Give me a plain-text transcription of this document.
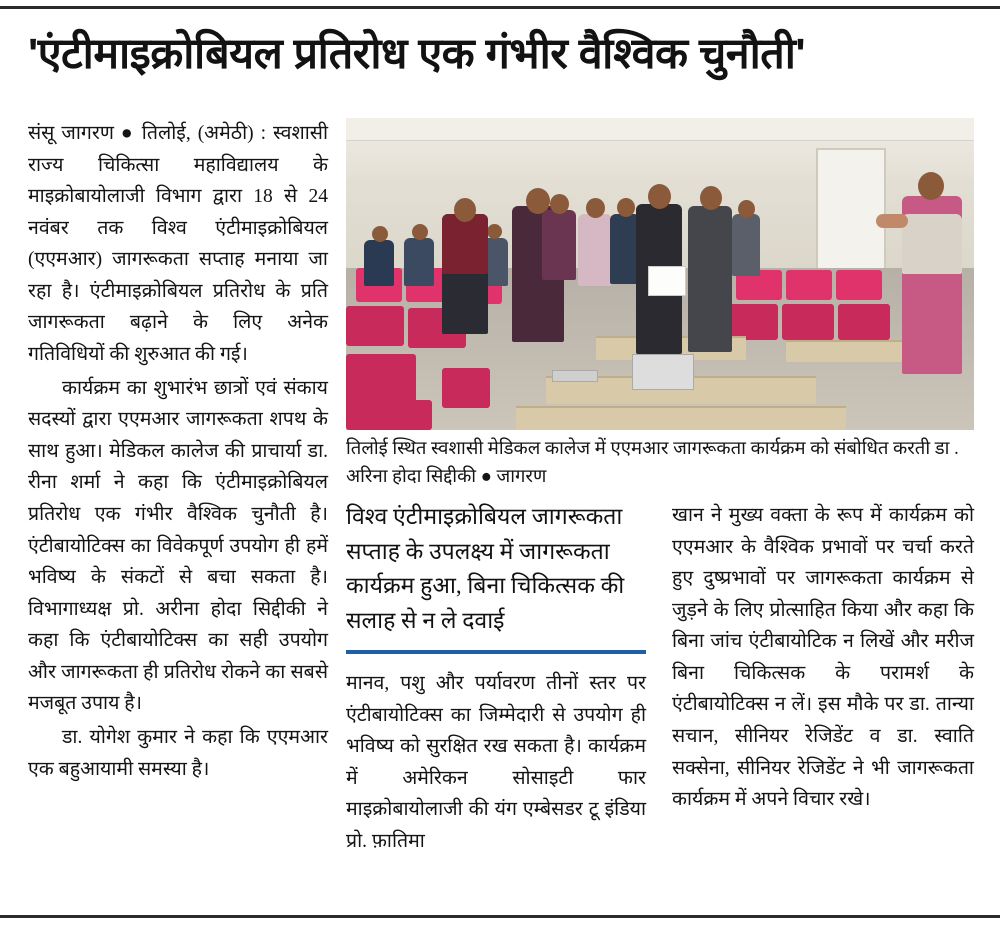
'एंटीमाइक्रोबियल प्रतिरोध एक गंभीर वैश्विक चुनौती'

संसू जागरण ● तिलोई, (अमेठी) : स्वशासी राज्य चिकित्सा महाविद्यालय के माइक्रोबायोलाजी विभाग द्वारा 18 से 24 नवंबर तक विश्व एंटीमाइक्रोबियल (एएमआर) जागरूकता सप्ताह मनाया जा रहा है। एंटीमाइक्रोबियल प्रतिरोध के प्रति जागरूकता बढ़ाने के लिए अनेक गतिविधियों की शुरुआत की गई।

कार्यक्रम का शुभारंभ छात्रों एवं संकाय सदस्यों द्वारा एएमआर जागरूकता शपथ के साथ हुआ। मेडिकल कालेज की प्राचार्या डा. रीना शर्मा ने कहा कि एंटीमाइक्रोबियल प्रतिरोध एक गंभीर वैश्विक चुनौती है। एंटीबायोटिक्स का विवेकपूर्ण उपयोग ही हमें भविष्य के संकटों से बचा सकता है। विभागाध्यक्ष प्रो. अरीना होदा सिद्दीकी ने कहा कि एंटीबायोटिक्स का सही उपयोग और जागरूकता ही प्रतिरोध रोकने का सबसे मजबूत उपाय है।

डा. योगेश कुमार ने कहा कि एएमआर एक बहुआयामी समस्या है।

तिलोई स्थित स्वशासी मेडिकल कालेज में एएमआर जागरूकता कार्यक्रम को संबोधित करती डा . अरिना होदा सिद्दीकी ● जागरण
विश्व एंटीमाइक्रोबियल जागरूकता सप्ताह के उपलक्ष्य में जागरूकता कार्यक्रम हुआ, बिना चिकित्सक की सलाह से न ले दवाई

मानव, पशु और पर्यावरण तीनों स्तर पर एंटीबायोटिक्स का जिम्मेदारी से उपयोग ही भविष्य को सुरक्षित रख सकता है। कार्यक्रम में अमेरिकन सोसाइटी फार माइक्रोबायोलाजी की यंग एम्बेसडर टू इंडिया प्रो. फ़ातिमा

खान ने मुख्य वक्ता के रूप में कार्यक्रम को एएमआर के वैश्विक प्रभावों पर चर्चा करते हुए दुष्प्रभावों पर जागरूकता कार्यक्रम से जुड़ने के लिए प्रोत्साहित किया और कहा कि बिना जांच एंटीबायोटिक न लिखें और मरीज बिना चिकित्सक के परामर्श के एंटीबायोटिक्स न लें। इस मौके पर डा. तान्या सचान, सीनियर रेजिडेंट व डा. स्वाति सक्सेना, सीनियर रेजिडेंट ने भी जागरूकता कार्यक्रम में अपने विचार रखे।
